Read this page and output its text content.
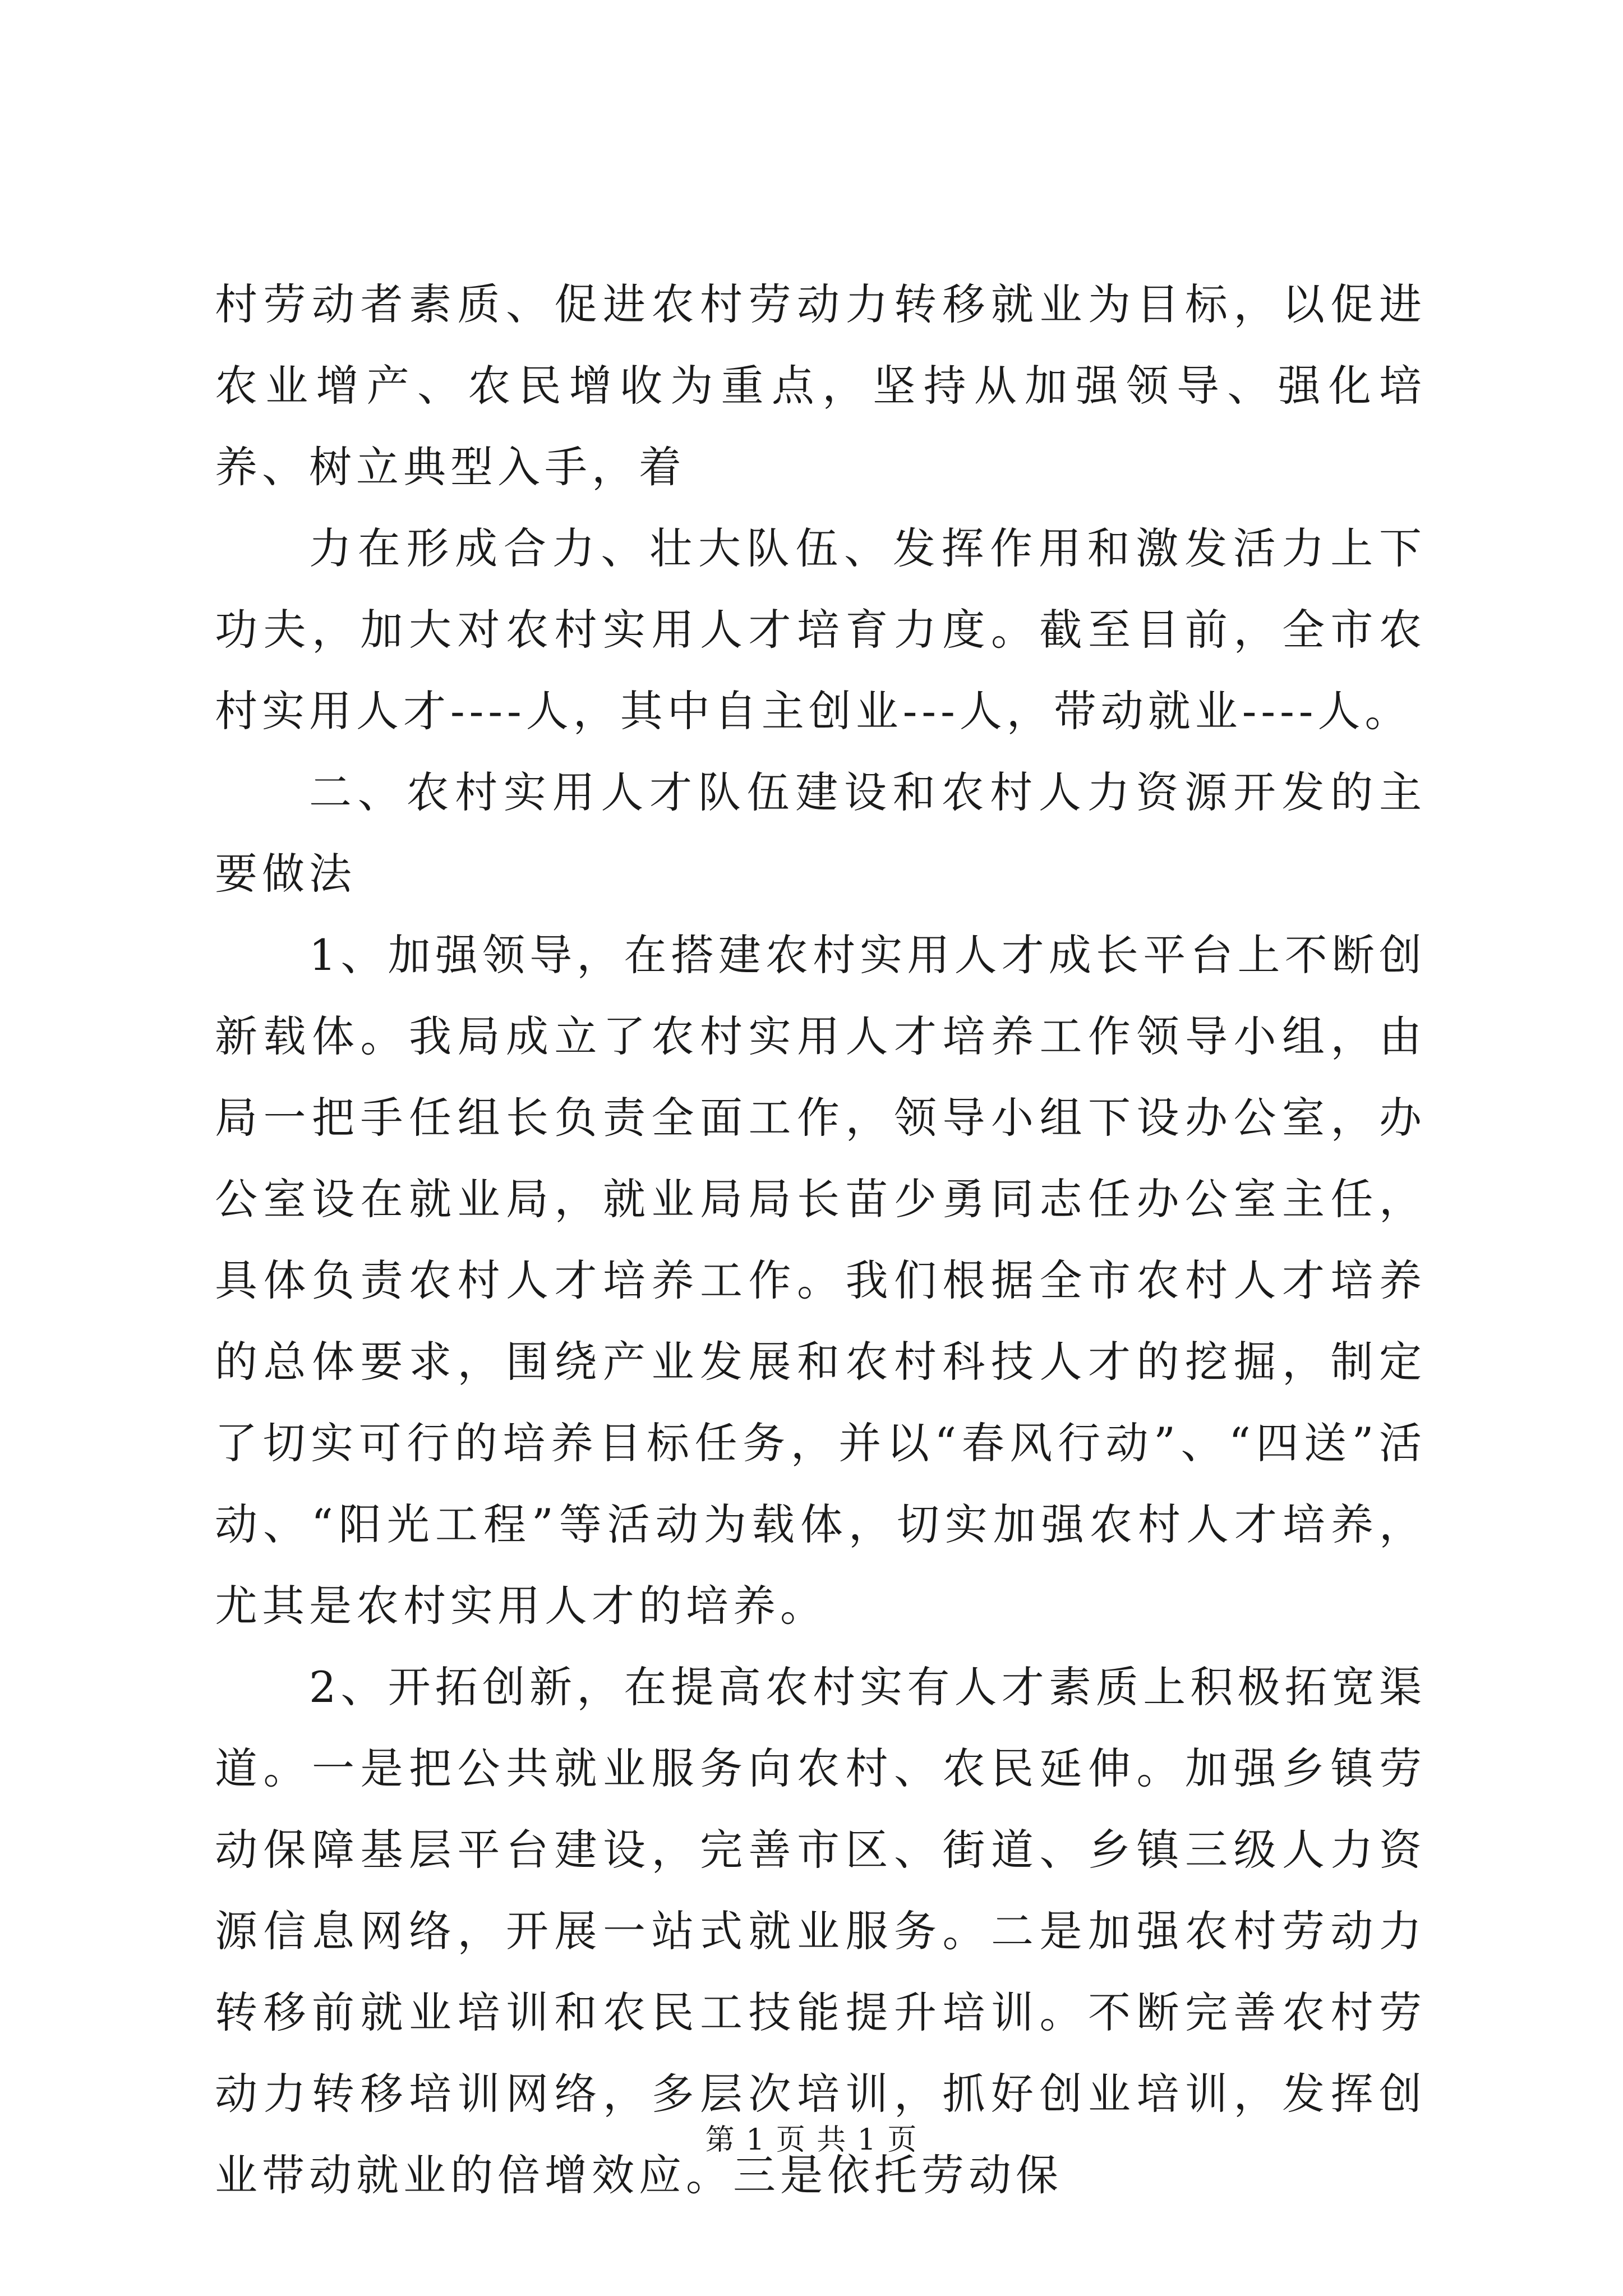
村劳动者素质、促进农村劳动力转移就业为目标，以促进农业增产、农民增收为重点，坚持从加强领导、强化培养、树立典型入手，着

力在形成合力、壮大队伍、发挥作用和激发活力上下功夫，加大对农村实用人才培育力度。截至目前，全市农村实用人才----人，其中自主创业---人，带动就业----人。

二、农村实用人才队伍建设和农村人力资源开发的主要做法

1、加强领导，在搭建农村实用人才成长平台上不断创新载体。我局成立了农村实用人才培养工作领导小组，由局一把手任组长负责全面工作，领导小组下设办公室，办公室设在就业局，就业局局长苗少勇同志任办公室主任，具体负责农村人才培养工作。我们根据全市农村人才培养的总体要求，围绕产业发展和农村科技人才的挖掘，制定了切实可行的培养目标任务，并以“春风行动”、“四送”活动、“阳光工程”等活动为载体，切实加强农村人才培养，尤其是农村实用人才的培养。

2、开拓创新，在提高农村实有人才素质上积极拓宽渠道。一是把公共就业服务向农村、农民延伸。加强乡镇劳动保障基层平台建设，完善市区、街道、乡镇三级人力资源信息网络，开展一站式就业服务。二是加强农村劳动力转移前就业培训和农民工技能提升培训。不断完善农村劳动力转移培训网络，多层次培训，抓好创业培训，发挥创业带动就业的倍增效应。三是依托劳动保

第 1 页 共 1 页
